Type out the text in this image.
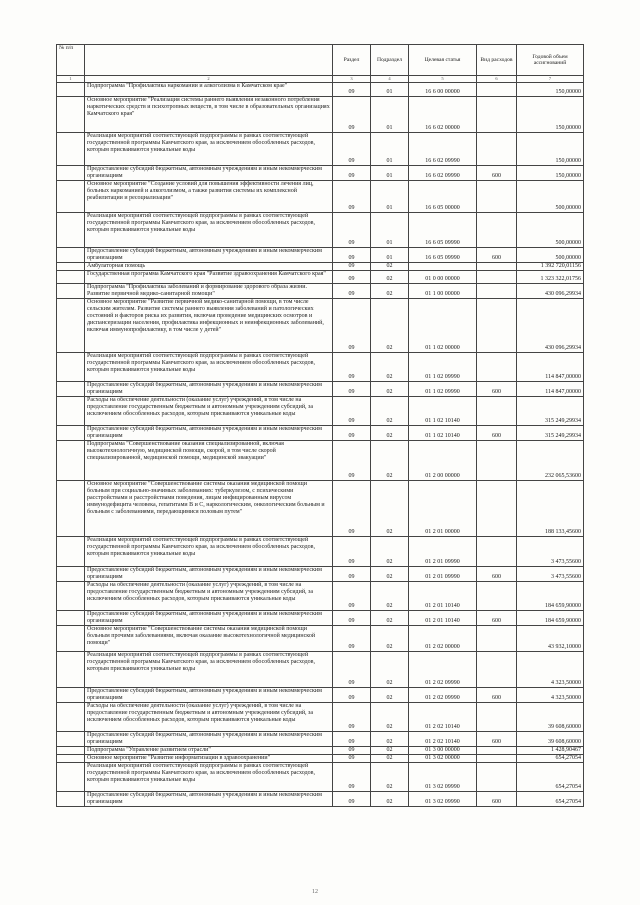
№ п/п		Раздел	Подраздел	Целевая статья	Вид расходов	Годовой объем ассигнований
1	2	3	4	5	6	7
	Подпрограмма "Профилактика наркомании и алкоголизма в Камчатском крае"	09	01	16 6 00 00000		150,00000
	Основное мероприятие "Реализация системы раннего выявления незаконного потребления наркотических средств и психотропных веществ, в том числе в образовательных организациях Камчатского края"	09	01	16 6 02 00000		150,00000
	Реализация мероприятий соответствующей подпрограммы в рамках соответствующей государственной программы Камчатского края, за исключением обособленных расходов, которым присваиваются уникальные коды	09	01	16 6 02 09990		150,00000
	Предоставление субсидий бюджетным, автономным учреждениям и иным некоммерческим организациям	09	01	16 6 02 09990	600	150,00000
	Основное мероприятие "Создание условий для повышения эффективности лечения лиц, больных наркоманией и алкоголизмом, а также развития системы их комплексной реабилитации и ресоциализации"	09	01	16 6 05 00000		500,00000
	Реализация мероприятий соответствующей подпрограммы в рамках соответствующей государственной программы Камчатского края, за исключением обособленных расходов, которым присваиваются уникальные коды	09	01	16 6 05 09990		500,00000
	Предоставление субсидий бюджетным, автономным учреждениям и иным некоммерческим организациям	09	01	16 6 05 09990	600	500,00000
	Амбулаторная помощь	09	02			1 392 720,01156
	Государственная программа Камчатского края "Развитие здравоохранения Камчатского края"	09	02	01 0 00 00000		1 323 322,01756
	Подпрограмма "Профилактика заболеваний и формирование здорового образа жизни. Развитие первичной медико-санитарной помощи"	09	02	01 1 00 00000		430 096,29934
	Основное мероприятие "Развитие первичной медико-санитарной помощи, в том числе сельским жителям. Развитие системы раннего выявления заболеваний и патологических состояний и факторов риска их развития, включая проведение медицинских осмотров и диспансеризации населения, профилактика инфекционных и неинфекционных заболеваний, включая иммунопрофилактику, в том числе у детей"	09	02	01 1 02 00000		430 096,29934
	Реализация мероприятий соответствующей подпрограммы в рамках соответствующей государственной программы Камчатского края, за исключением обособленных расходов, которым присваиваются уникальные коды	09	02	01 1 02 09990		114 847,00000
	Предоставление субсидий бюджетным, автономным учреждениям и иным некоммерческим организациям	09	02	01 1 02 09990	600	114 847,00000
	Расходы на обеспечение деятельности (оказание услуг) учреждений, в том числе на предоставление государственным бюджетным и автономным учреждениям субсидий, за исключением обособленных расходов, которым присваиваются уникальные коды	09	02	01 1 02 10140		315 249,29934
	Предоставление субсидий бюджетным, автономным учреждениям и иным некоммерческим организациям	09	02	01 1 02 10140	600	315 249,29934
	Подпрограмма "Совершенствование оказания специализированной, включая высокотехнологичную, медицинской помощи, скорой, в том числе скорой специализированной, медицинской помощи, медицинской эвакуации"	09	02	01 2 00 00000		232 065,53600
	Основное мероприятие "Совершенствование системы оказания медицинской помощи больным при социально-значимых заболеваниях: туберкулезом, с психическими расстройствами и расстройствами поведения, лицам инфицированным вирусом иммунодефицита человека, гепатитами В и С, наркологическим, онкологическим больным и больным с заболеваниями, передающимися половым путем"	09	02	01 2 01 00000		188 133,45600
	Реализация мероприятий соответствующей подпрограммы в рамках соответствующей государственной программы Камчатского края, за исключением обособленных расходов, которым присваиваются уникальные коды	09	02	01 2 01 09990		3 473,55600
	Предоставление субсидий бюджетным, автономным учреждениям и иным некоммерческим организациям	09	02	01 2 01 09990	600	3 473,55600
	Расходы на обеспечение деятельности (оказание услуг) учреждений, в том числе на предоставление государственным бюджетным и автономным учреждениям субсидий, за исключением обособленных расходов, которым присваиваются уникальные коды	09	02	01 2 01 10140		184 659,90000
	Предоставление субсидий бюджетным, автономным учреждениям и иным некоммерческим организациям	09	02	01 2 01 10140	600	184 659,90000
	Основное мероприятие "Совершенствование системы оказания медицинской помощи больным прочими заболеваниями, включая оказание высокотехнологичной медицинской помощи"	09	02	01 2 02 00000		43 932,10000
	Реализация мероприятий соответствующей подпрограммы в рамках соответствующей государственной программы Камчатского края, за исключением обособленных расходов, которым присваиваются уникальные коды	09	02	01 2 02 09990		4 323,50000
	Предоставление субсидий бюджетным, автономным учреждениям и иным некоммерческим организациям	09	02	01 2 02 09990	600	4 323,50000
	Расходы на обеспечение деятельности (оказание услуг) учреждений, в том числе на предоставление государственным бюджетным и автономным учреждениям субсидий, за исключением обособленных расходов, которым присваиваются уникальные коды	09	02	01 2 02 10140		39 608,60000
	Предоставление субсидий бюджетным, автономным учреждениям и иным некоммерческим организациям	09	02	01 2 02 10140	600	39 608,60000
	Подпрограмма "Управление развитием отрасли"	09	02	01 3 00 00000		1 428,90467
	Основное мероприятие "Развитие информатизации в здравоохранении"	09	02	01 3 02 00000		654,27054
	Реализация мероприятий соответствующей подпрограммы в рамках соответствующей государственной программы Камчатского края, за исключением обособленных расходов, которым присваиваются уникальные коды	09	02	01 3 02 09990		654,27054
	Предоставление субсидий бюджетным, автономным учреждениям и иным некоммерческим организациям	09	02	01 3 02 09990	600	654,27054
12
